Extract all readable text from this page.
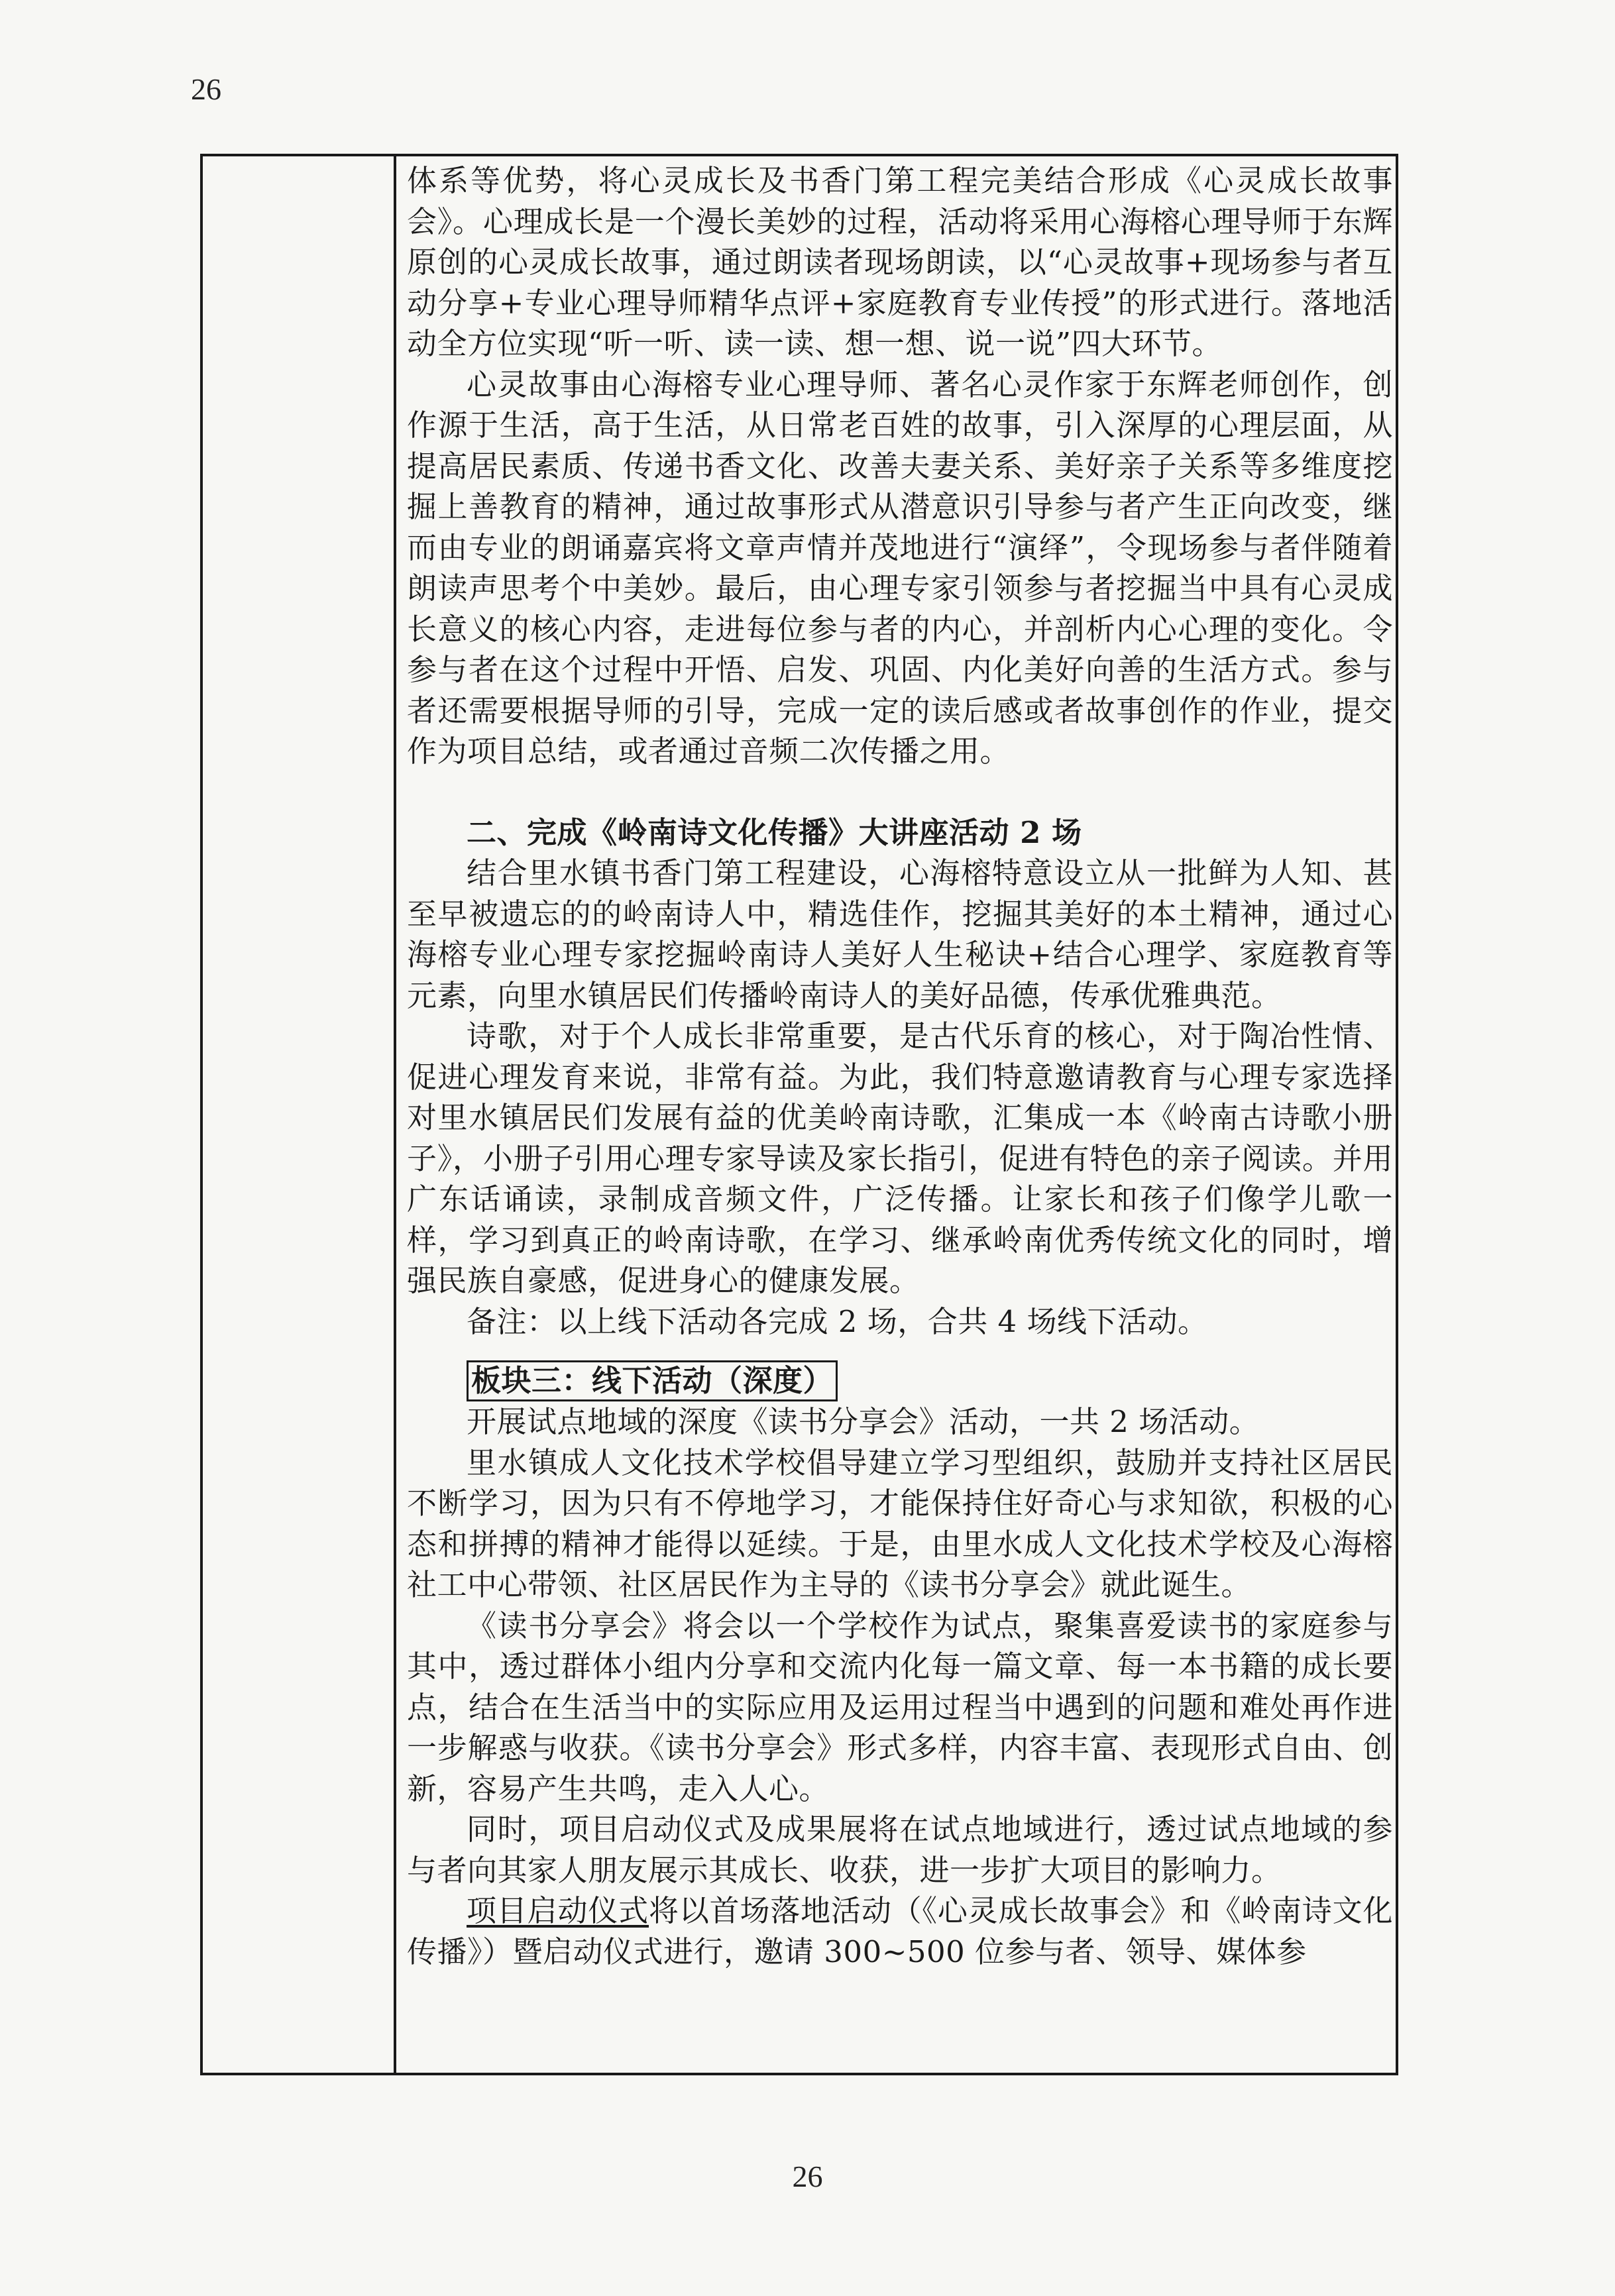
26

体系等优势，将心灵成长及书香门第工程完美结合形成《心灵成长故事会》。心理成长是一个漫长美妙的过程，活动将采用心海榕心理导师于东辉原创的心灵成长故事，通过朗读者现场朗读，以“心灵故事+现场参与者互动分享+专业心理导师精华点评+家庭教育专业传授”的形式进行。落地活动全方位实现“听一听、读一读、想一想、说一说”四大环节。

心灵故事由心海榕专业心理导师、著名心灵作家于东辉老师创作，创作源于生活，高于生活，从日常老百姓的故事，引入深厚的心理层面，从提高居民素质、传递书香文化、改善夫妻关系、美好亲子关系等多维度挖掘上善教育的精神，通过故事形式从潜意识引导参与者产生正向改变，继而由专业的朗诵嘉宾将文章声情并茂地进行“演绎”，令现场参与者伴随着朗读声思考个中美妙。最后，由心理专家引领参与者挖掘当中具有心灵成长意义的核心内容，走进每位参与者的内心，并剖析内心心理的变化。令参与者在这个过程中开悟、启发、巩固、内化美好向善的生活方式。参与者还需要根据导师的引导，完成一定的读后感或者故事创作的作业，提交作为项目总结，或者通过音频二次传播之用。

二、完成《岭南诗文化传播》大讲座活动 2 场

结合里水镇书香门第工程建设，心海榕特意设立从一批鲜为人知、甚至早被遗忘的的岭南诗人中，精选佳作，挖掘其美好的本土精神，通过心海榕专业心理专家挖掘岭南诗人美好人生秘诀+结合心理学、家庭教育等元素，向里水镇居民们传播岭南诗人的美好品德，传承优雅典范。

诗歌，对于个人成长非常重要，是古代乐育的核心，对于陶冶性情、促进心理发育来说，非常有益。为此，我们特意邀请教育与心理专家选择对里水镇居民们发展有益的优美岭南诗歌，汇集成一本《岭南古诗歌小册子》，小册子引用心理专家导读及家长指引，促进有特色的亲子阅读。并用广东话诵读，录制成音频文件，广泛传播。让家长和孩子们像学儿歌一样，学习到真正的岭南诗歌，在学习、继承岭南优秀传统文化的同时，增强民族自豪感，促进身心的健康发展。

备注：以上线下活动各完成 2 场，合共 4 场线下活动。

板块三：线下活动（深度）

开展试点地域的深度《读书分享会》活动，一共 2 场活动。

里水镇成人文化技术学校倡导建立学习型组织，鼓励并支持社区居民不断学习，因为只有不停地学习，才能保持住好奇心与求知欲，积极的心态和拼搏的精神才能得以延续。于是，由里水成人文化技术学校及心海榕社工中心带领、社区居民作为主导的《读书分享会》就此诞生。

《读书分享会》将会以一个学校作为试点，聚集喜爱读书的家庭参与其中，透过群体小组内分享和交流内化每一篇文章、每一本书籍的成长要点，结合在生活当中的实际应用及运用过程当中遇到的问题和难处再作进一步解惑与收获。《读书分享会》形式多样，内容丰富、表现形式自由、创新，容易产生共鸣，走入人心。

同时，项目启动仪式及成果展将在试点地域进行，透过试点地域的参与者向其家人朋友展示其成长、收获，进一步扩大项目的影响力。

项目启动仪式将以首场落地活动（《心灵成长故事会》和《岭南诗文化传播》）暨启动仪式进行，邀请 300~500 位参与者、领导、媒体参

26
